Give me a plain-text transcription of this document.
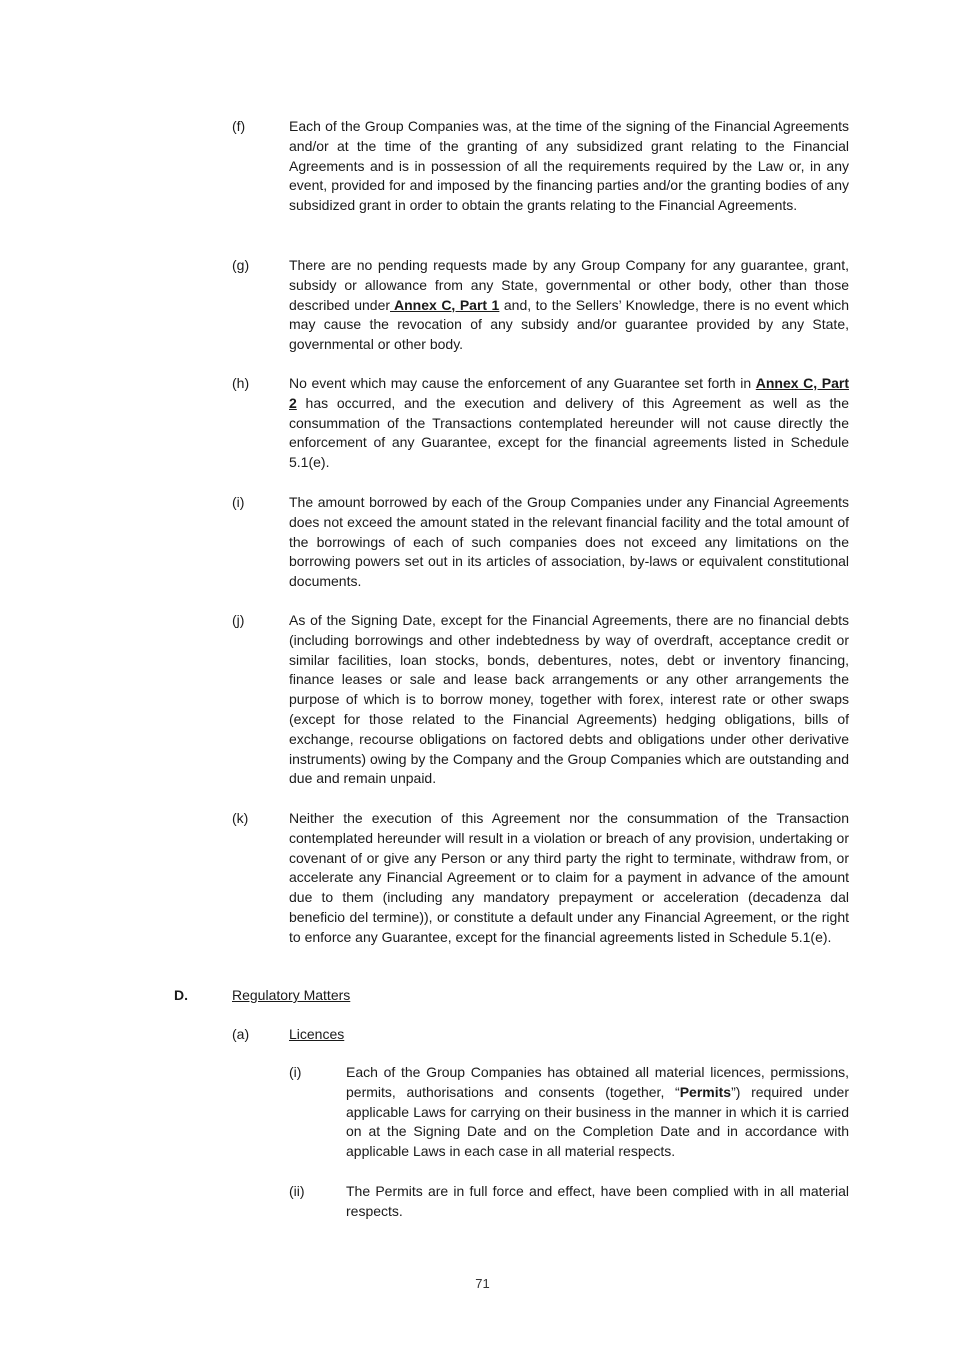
(f)	Each of the Group Companies was, at the time of the signing of the Financial Agreements and/or at the time of the granting of any subsidized grant relating to the Financial Agreements and is in possession of all the requirements required by the Law or, in any event, provided for and imposed by the financing parties and/or the granting bodies of any subsidized grant in order to obtain the grants relating to the Financial Agreements.
(g)	There are no pending requests made by any Group Company for any guarantee, grant, subsidy or allowance from any State, governmental or other body, other than those described under Annex C, Part 1 and, to the Sellers’ Knowledge, there is no event which may cause the revocation of any subsidy and/or guarantee provided by any State, governmental or other body.
(h)	No event which may cause the enforcement of any Guarantee set forth in Annex C, Part 2 has occurred, and the execution and delivery of this Agreement as well as the consummation of the Transactions contemplated hereunder will not cause directly the enforcement of any Guarantee, except for the financial agreements listed in Schedule 5.1(e).
(i)	The amount borrowed by each of the Group Companies under any Financial Agreements does not exceed the amount stated in the relevant financial facility and the total amount of the borrowings of each of such companies does not exceed any limitations on the borrowing powers set out in its articles of association, by-laws or equivalent constitutional documents.
(j)	As of the Signing Date, except for the Financial Agreements, there are no financial debts (including borrowings and other indebtedness by way of overdraft, acceptance credit or similar facilities, loan stocks, bonds, debentures, notes, debt or inventory financing, finance leases or sale and lease back arrangements or any other arrangements the purpose of which is to borrow money, together with forex, interest rate or other swaps (except for those related to the Financial Agreements) hedging obligations, bills of exchange, recourse obligations on factored debts and obligations under other derivative instruments) owing by the Company and the Group Companies which are outstanding and due and remain unpaid.
(k)	Neither the execution of this Agreement nor the consummation of the Transaction contemplated hereunder will result in a violation or breach of any provision, undertaking or covenant of or give any Person or any third party the right to terminate, withdraw from, or accelerate any Financial Agreement or to claim for a payment in advance of the amount due to them (including any mandatory prepayment or acceleration (decadenza dal beneficio del termine)), or constitute a default under any Financial Agreement, or the right to enforce any Guarantee, except for the financial agreements listed in Schedule 5.1(e).
D.	Regulatory Matters
(a)	Licences
(i)	Each of the Group Companies has obtained all material licences, permissions, permits, authorisations and consents (together, “Permits”) required under applicable Laws for carrying on their business in the manner in which it is carried on at the Signing Date and on the Completion Date and in accordance with applicable Laws in each case in all material respects.
(ii)	The Permits are in full force and effect, have been complied with in all material respects.
71
